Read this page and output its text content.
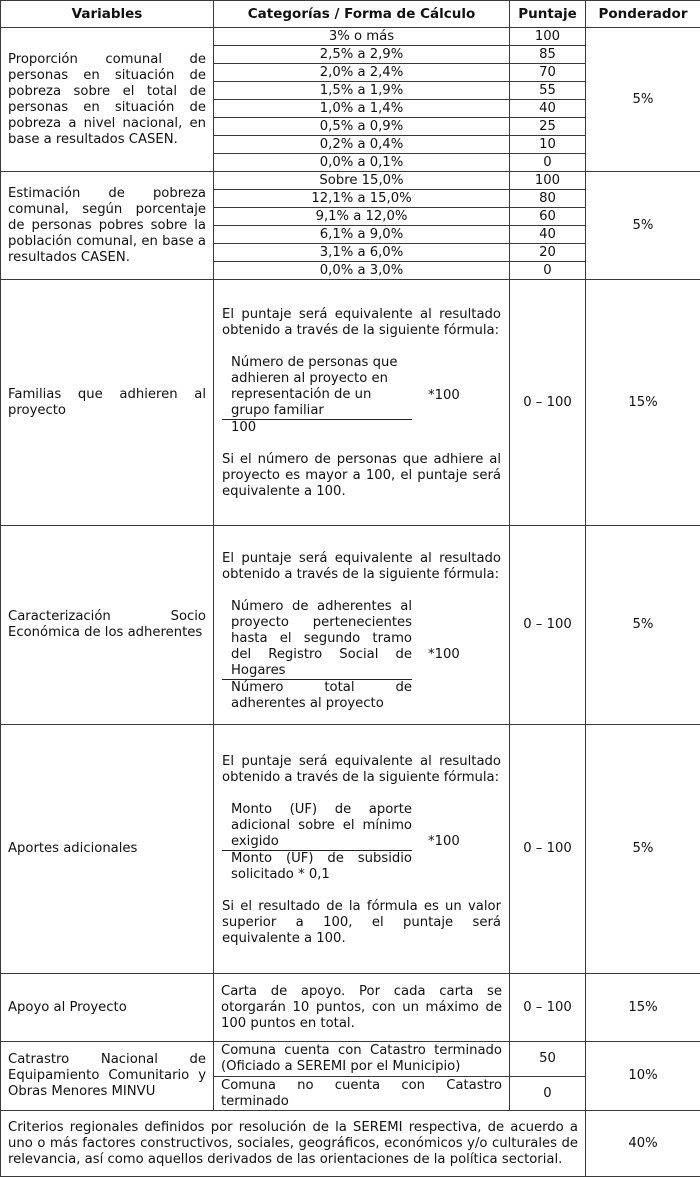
Variables	Categorías / Forma de Cálculo	Puntaje	Ponderador
Proporción comunal de personas en situación de pobreza sobre el total de personas en situación de pobreza a nivel nacional, en base a resultados CASEN.	3% o más	100	5%
	2,5% a 2,9%	85	
	2,0% a 2,4%	70	
	1,5% a 1,9%	55	
	1,0% a 1,4%	40	
	0,5% a 0,9%	25	
	0,2% a 0,4%	10	
	0,0% a 0,1%	0	
Estimación de pobreza comunal, según porcentaje de personas pobres sobre la población comunal, en base a resultados CASEN.	Sobre 15,0%	100	5%
	12,1% a 15,0%	80	
	9,1% a 12,0%	60	
	6,1% a 9,0%	40	
	3,1% a 6,0%	20	
	0,0% a 3,0%	0	
Familias que adhieren al proyecto	El puntaje será equivalente al resultado obtenido a través de la siguiente fórmula:

Número de personas que adhieren al proyecto en representación de un grupo familiar
100
*100

Si el número de personas que adhiere al proyecto es mayor a 100, el puntaje será equivalente a 100.	0 – 100	15%
Caracterización Socio Económica de los adherentes	El puntaje será equivalente al resultado obtenido a través de la siguiente fórmula:

Número de adherentes al proyecto pertenecientes hasta el segundo tramo del Registro Social de Hogares
Número total de adherentes al proyecto
*100	0 – 100	5%
Aportes adicionales	El puntaje será equivalente al resultado obtenido a través de la siguiente fórmula:

$\frac{\text{Monto (UF) de aporte adicional sobre el mínimo exigido}}{\text{Monto (UF) de subsidio solicitado * 0,1}} *100$

Si el resultado de la fórmula es un valor superior a 100, el puntaje será equivalente a 100.	0 – 100	5%
Apoyo al Proyecto	Carta de apoyo. Por cada carta se otorgarán 10 puntos, con un máximo de 100 puntos en total.	0 – 100	15%
Catrastro Nacional de Equipamiento Comunitario y Obras Menores MINVU	Comuna cuenta con Catastro terminado (Oficiado a SEREMI por el Municipio)	50	10%
	Comuna no cuenta con Catastro terminado	0	
Criterios regionales definidos por resolución de la SEREMI respectiva, de acuerdo a uno o más factores constructivos, sociales, geográficos, económicos y/o culturales de relevancia, así como aquellos derivados de las orientaciones de la política sectorial.			40%
